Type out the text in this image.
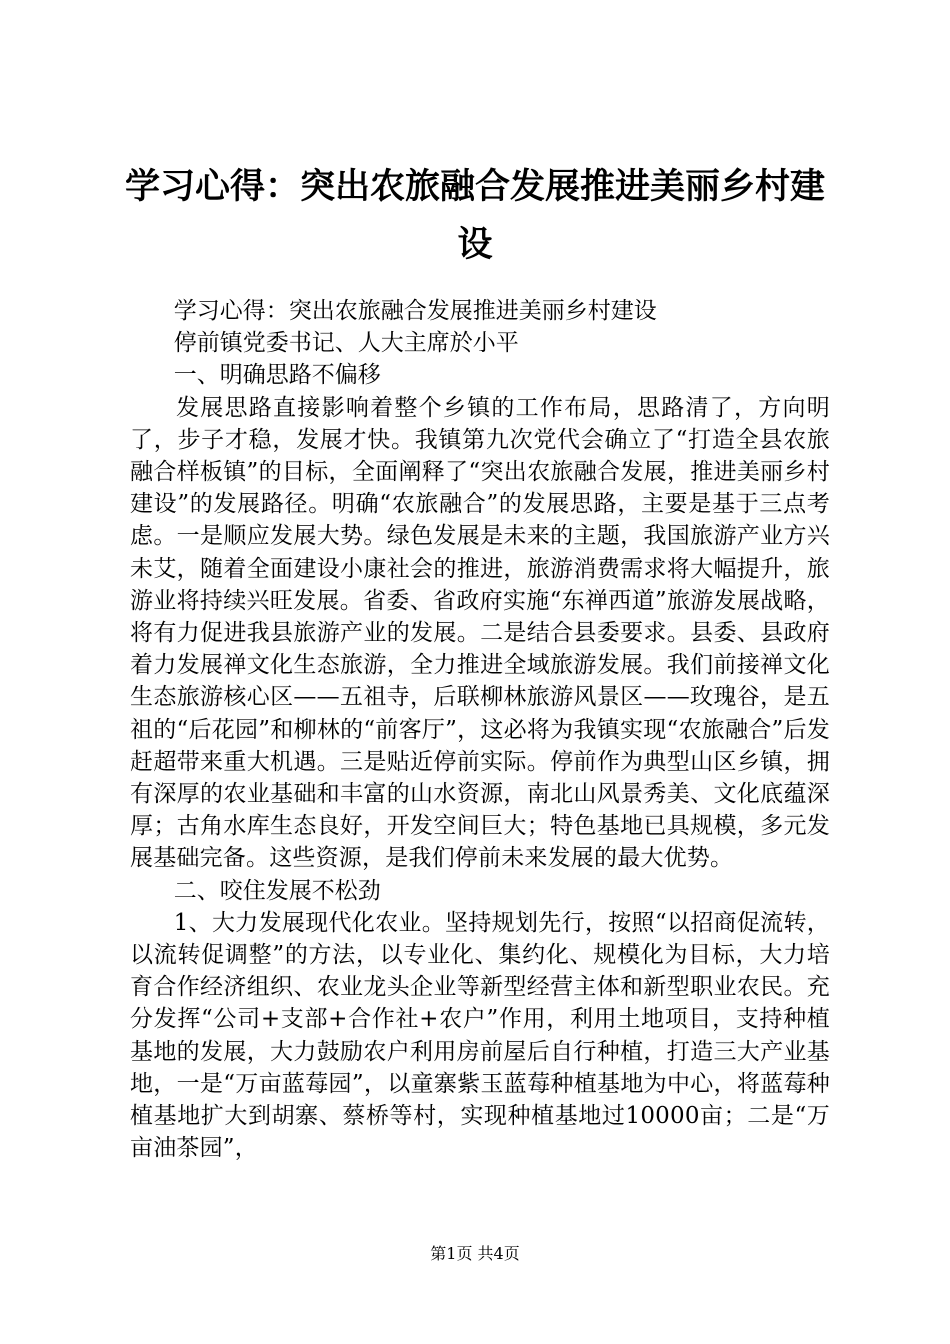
学习心得：突出农旅融合发展推进美丽乡村建设

学习心得：突出农旅融合发展推进美丽乡村建设

停前镇党委书记、人大主席於小平

一、明确思路不偏移

发展思路直接影响着整个乡镇的工作布局，思路清了，方向明了，步子才稳，发展才快。我镇第九次党代会确立了“打造全县农旅融合样板镇”的目标，全面阐释了“突出农旅融合发展，推进美丽乡村建设”的发展路径。明确“农旅融合”的发展思路，主要是基于三点考虑。一是顺应发展大势。绿色发展是未来的主题，我国旅游产业方兴未艾，随着全面建设小康社会的推进，旅游消费需求将大幅提升，旅游业将持续兴旺发展。省委、省政府实施“东禅西道”旅游发展战略，将有力促进我县旅游产业的发展。二是结合县委要求。县委、县政府着力发展禅文化生态旅游，全力推进全域旅游发展。我们前接禅文化生态旅游核心区——五祖寺，后联柳林旅游风景区——玫瑰谷，是五祖的“后花园”和柳林的“前客厅”，这必将为我镇实现“农旅融合”后发赶超带来重大机遇。三是贴近停前实际。停前作为典型山区乡镇，拥有深厚的农业基础和丰富的山水资源，南北山风景秀美、文化底蕴深厚；古角水库生态良好，开发空间巨大；特色基地已具规模，多元发展基础完备。这些资源，是我们停前未来发展的最大优势。

二、咬住发展不松劲

1、大力发展现代化农业。坚持规划先行，按照“以招商促流转，以流转促调整”的方法，以专业化、集约化、规模化为目标，大力培育合作经济组织、农业龙头企业等新型经营主体和新型职业农民。充分发挥“公司+支部+合作社+农户”作用，利用土地项目，支持种植基地的发展，大力鼓励农户利用房前屋后自行种植，打造三大产业基地，一是“万亩蓝莓园”，以童寨紫玉蓝莓种植基地为中心，将蓝莓种植基地扩大到胡寨、蔡桥等村，实现种植基地过10000亩；二是“万亩油茶园”，

第1页 共4页
